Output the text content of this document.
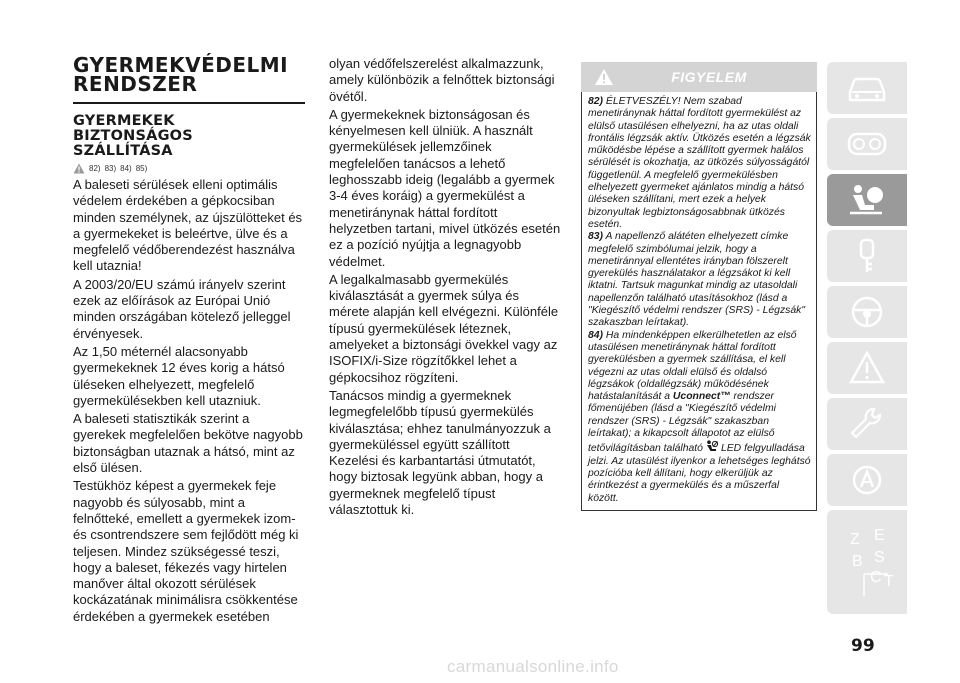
GYERMEKVÉDELMI
RENDSZER
GYERMEKEK
BIZTONSÁGOS
SZÁLLÍTÁSA
82) 83) 84) 85)

A baleseti sérülések elleni optimális védelem érdekében a gépkocsiban minden személynek, az újszülötteket és a gyermekeket is beleértve, ülve és a megfelelő védőberendezést használva kell utaznia!

A 2003/20/EU számú irányelv szerint ezek az előírások az Európai Unió minden országában kötelező jelleggel érvényesek.

Az 1,50 méternél alacsonyabb gyermekeknek 12 éves korig a hátsó üléseken elhelyezett, megfelelő gyermekülésekben kell utazniuk.

A baleseti statisztikák szerint a gyerekek megfelelően bekötve nagyobb biztonságban utaznak a hátsó, mint az első ülésen.

Testükhöz képest a gyermekek feje nagyobb és súlyosabb, mint a felnőtteké, emellett a gyermekek izom- és csontrendszere sem fejlődött még ki teljesen. Mindez szükségessé teszi, hogy a baleset, fékezés vagy hirtelen manőver által okozott sérülések kockázatának minimálisra csökkentése érdekében a gyermekek esetében

olyan védőfelszerelést alkalmazzunk, amely különbözik a felnőttek biztonsági övétől.

A gyermekeknek biztonságosan és kényelmesen kell ülniük. A használt gyermekülések jellemzőinek megfelelően tanácsos a lehető leghosszabb ideig (legalább a gyermek 3-4 éves koráig) a gyermekülést a menetiránynak háttal fordított helyzetben tartani, mivel ütközés esetén ez a pozíció nyújtja a legnagyobb védelmet.

A legalkalmasabb gyermekülés kiválasztását a gyermek súlya és mérete alapján kell elvégezni. Különféle típusú gyermekülések léteznek, amelyeket a biztonsági övekkel vagy az ISOFIX/i-Size rögzítőkkel lehet a gépkocsihoz rögzíteni.

Tanácsos mindig a gyermeknek legmegfelelőbb típusú gyermekülés kiválasztása; ehhez tanulmányozzuk a gyermeküléssel együtt szállított Kezelési és karbantartási útmutatót, hogy biztosak legyünk abban, hogy a gyermeknek megfelelő típust választottuk ki.

FIGYELEM

82) ÉLETVESZÉLY! Nem szabad menetiránynak háttal fordított gyermekülést az elülső utasülésen elhelyezni, ha az utas oldali frontális légzsák aktív. Ütközés esetén a légzsák működésbe lépése a szállított gyermek halálos sérülését is okozhatja, az ütközés súlyosságától függetlenül. A megfelelő gyermekülésben elhelyezett gyermeket ajánlatos mindig a hátsó üléseken szállítani, mert ezek a helyek bizonyultak legbiztonságosabbnak ütközés esetén.

83) A napellenző alátéten elhelyezett címke megfelelő szimbólumai jelzik, hogy a menetiránnyal ellentétes irányban fölszerelt gyerekülés használatakor a légzsákot ki kell iktatni. Tartsuk magunkat mindig az utasoldali napellenzőn található utasításokhoz (lásd a "Kiegészítő védelmi rendszer (SRS) - Légzsák" szakaszban leírtakat).

84) Ha mindenképpen elkerülhetetlen az első utasülésen menetiránynak háttal fordított gyerekülésben a gyermek szállítása, el kell végezni az utas oldali elülső és oldalsó légzsákok (oldallégzsák) működésének hatástalanítását a Uconnect™ rendszer főmenüjében (lásd a "Kiegészítő védelmi rendszer (SRS) - Légzsák" szakaszban leírtakat); a kikapcsolt állapotot az elülső tetővilágításban található LED felgyulladása jelzi. Az utasülést ilyenkor a lehetséges leghátsó pozícióba kell állítani, hogy elkerüljük az érintkezést a gyermekülés és a műszerfal között.

Z E
B
C T
S
99
carmanualsonline.info
